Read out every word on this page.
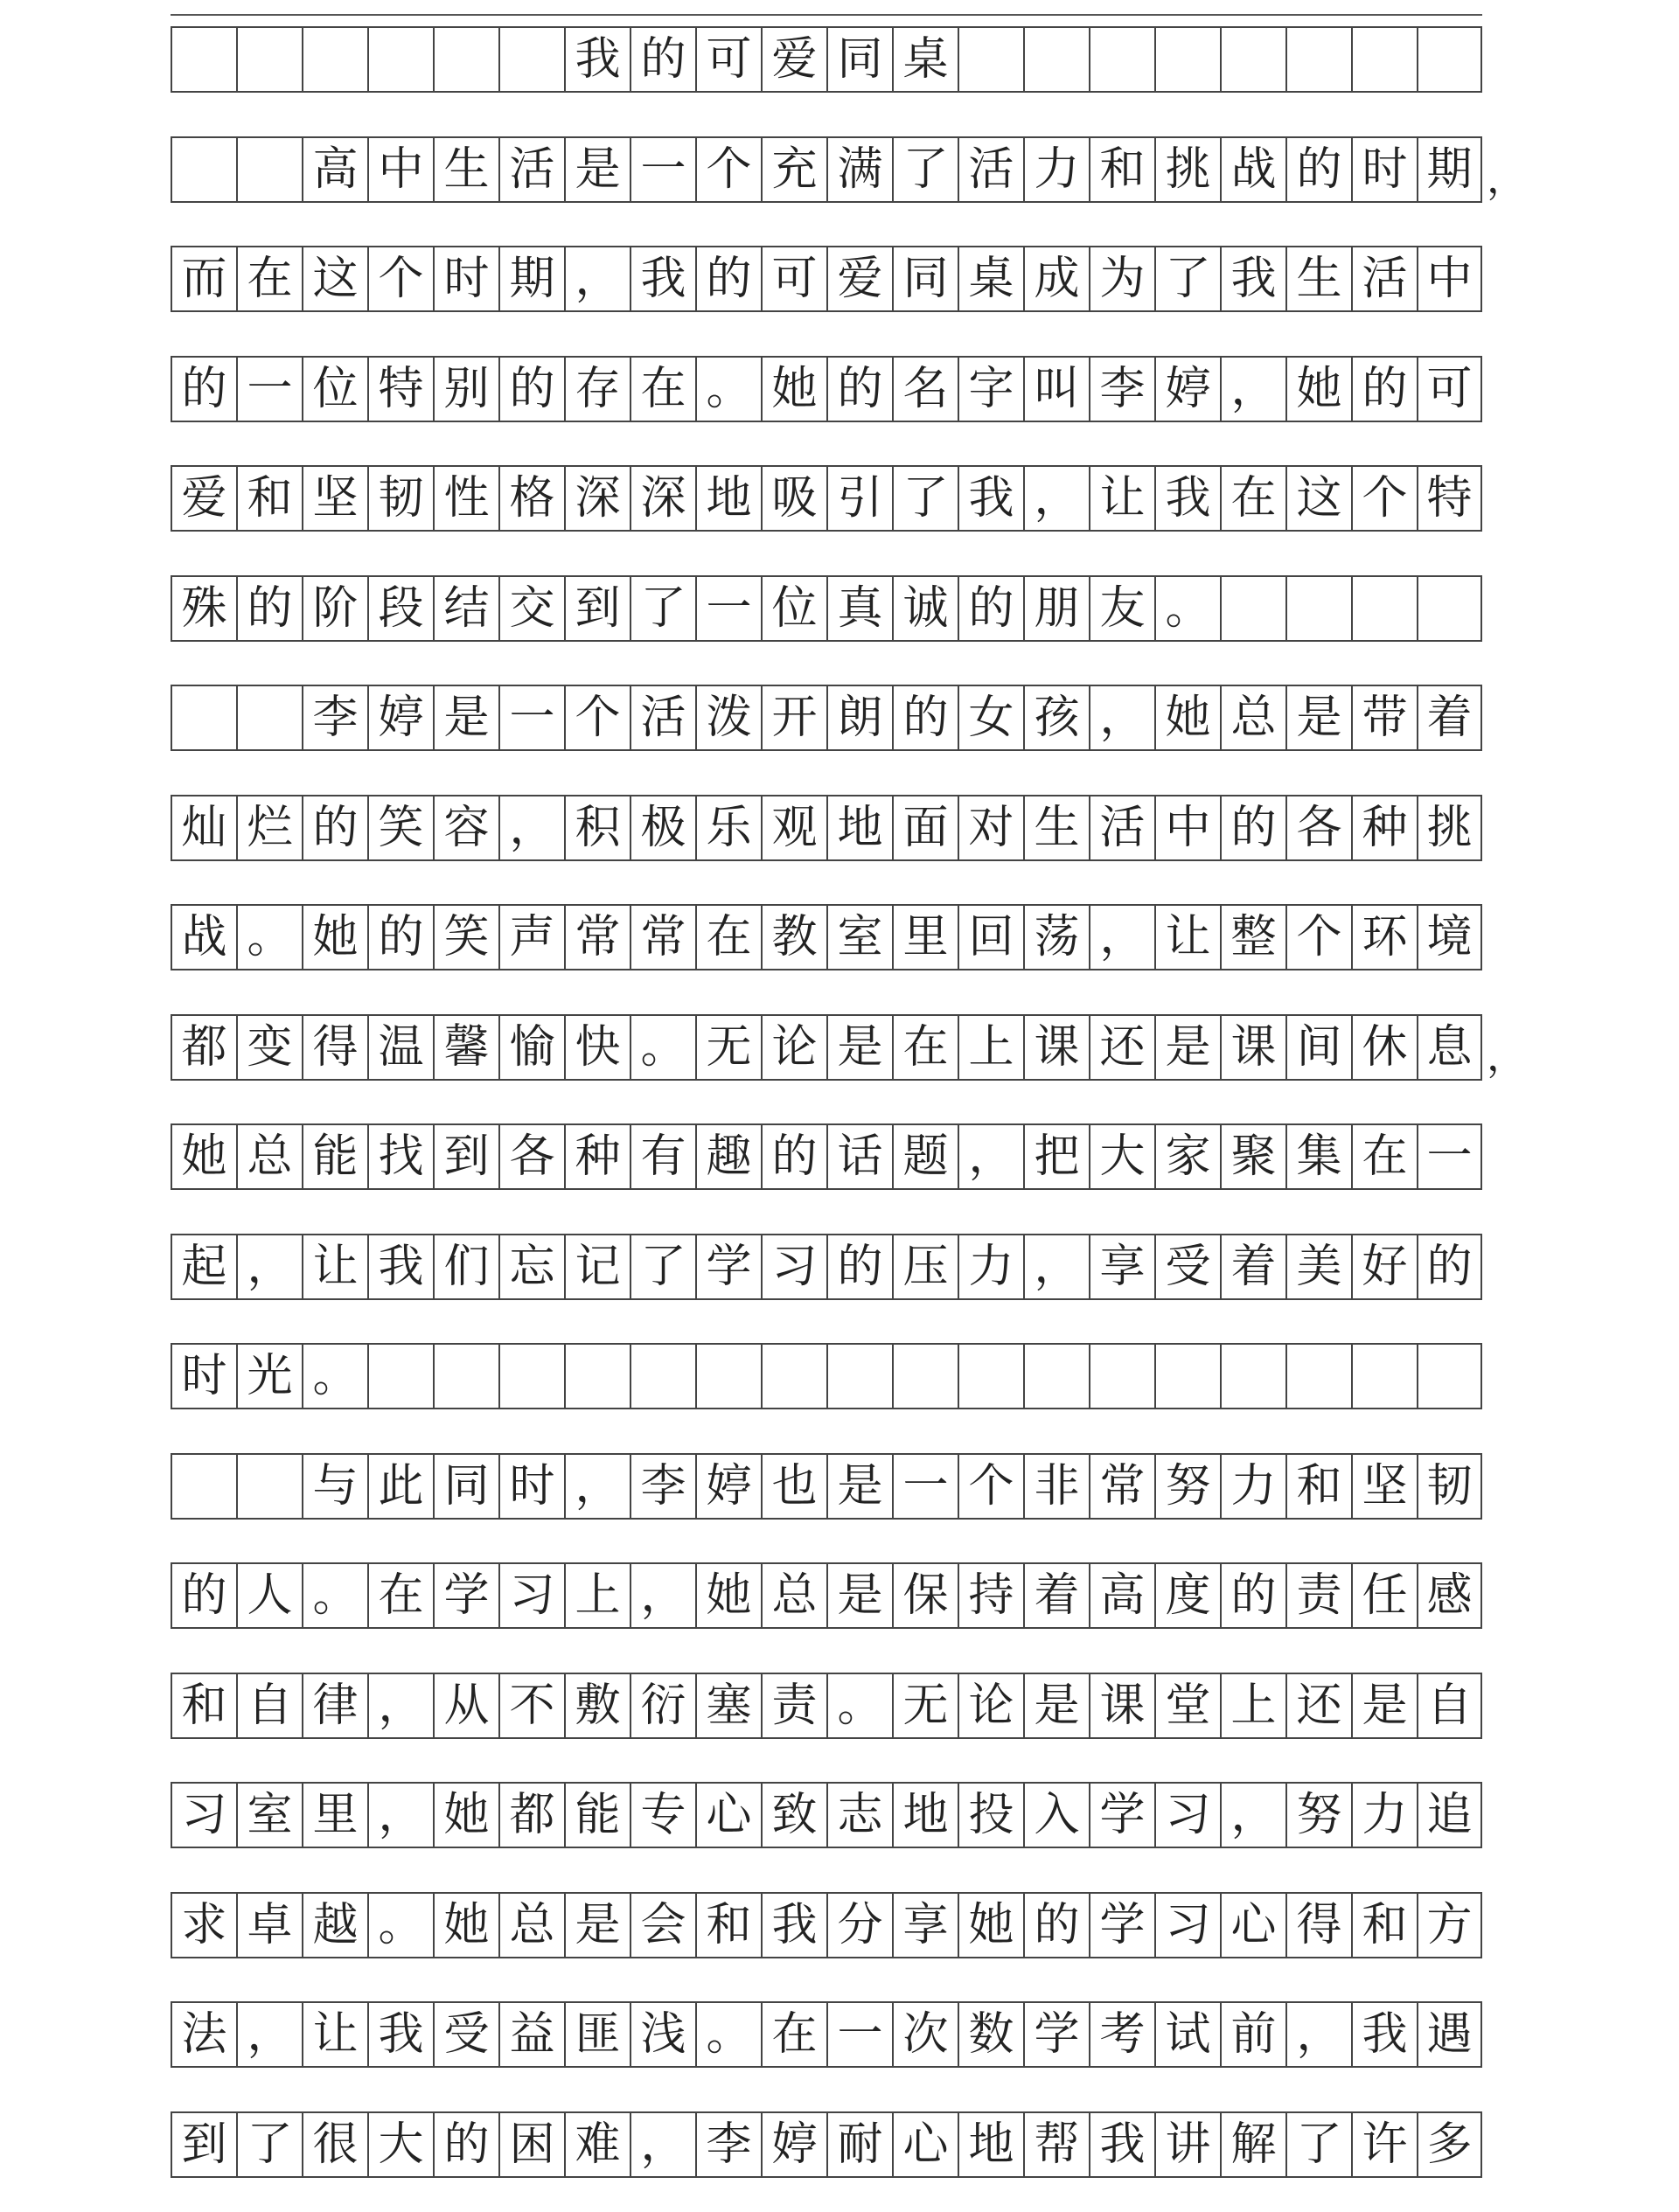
我 的 可 爱 同 桌
高 中 生 活 是 一 个 充 满 了 活 力 和 挑 战 的 时 期 ，
而 在 这 个 时 期 ， 我 的 可 爱 同 桌 成 为 了 我 生 活 中
的 一 位 特 别 的 存 在 。 她 的 名 字 叫 李 婷 ， 她 的 可
爱 和 坚 韧 性 格 深 深 地 吸 引 了 我 ， 让 我 在 这 个 特
殊 的 阶 段 结 交 到 了 一 位 真 诚 的 朋 友 。
李 婷 是 一 个 活 泼 开 朗 的 女 孩 ， 她 总 是 带 着
灿 烂 的 笑 容 ， 积 极 乐 观 地 面 对 生 活 中 的 各 种 挑
战 。 她 的 笑 声 常 常 在 教 室 里 回 荡 ， 让 整 个 环 境
都 变 得 温 馨 愉 快 。 无 论 是 在 上 课 还 是 课 间 休 息 ，
她 总 能 找 到 各 种 有 趣 的 话 题 ， 把 大 家 聚 集 在 一
起 ， 让 我 们 忘 记 了 学 习 的 压 力 ， 享 受 着 美 好 的
时 光 。
与 此 同 时 ， 李 婷 也 是 一 个 非 常 努 力 和 坚 韧
的 人 。 在 学 习 上 ， 她 总 是 保 持 着 高 度 的 责 任 感
和 自 律 ， 从 不 敷 衍 塞 责 。 无 论 是 课 堂 上 还 是 自
习 室 里 ， 她 都 能 专 心 致 志 地 投 入 学 习 ， 努 力 追
求 卓 越 。 她 总 是 会 和 我 分 享 她 的 学 习 心 得 和 方
法 ， 让 我 受 益 匪 浅 。 在 一 次 数 学 考 试 前 ， 我 遇
到 了 很 大 的 困 难 ， 李 婷 耐 心 地 帮 我 讲 解 了 许 多
